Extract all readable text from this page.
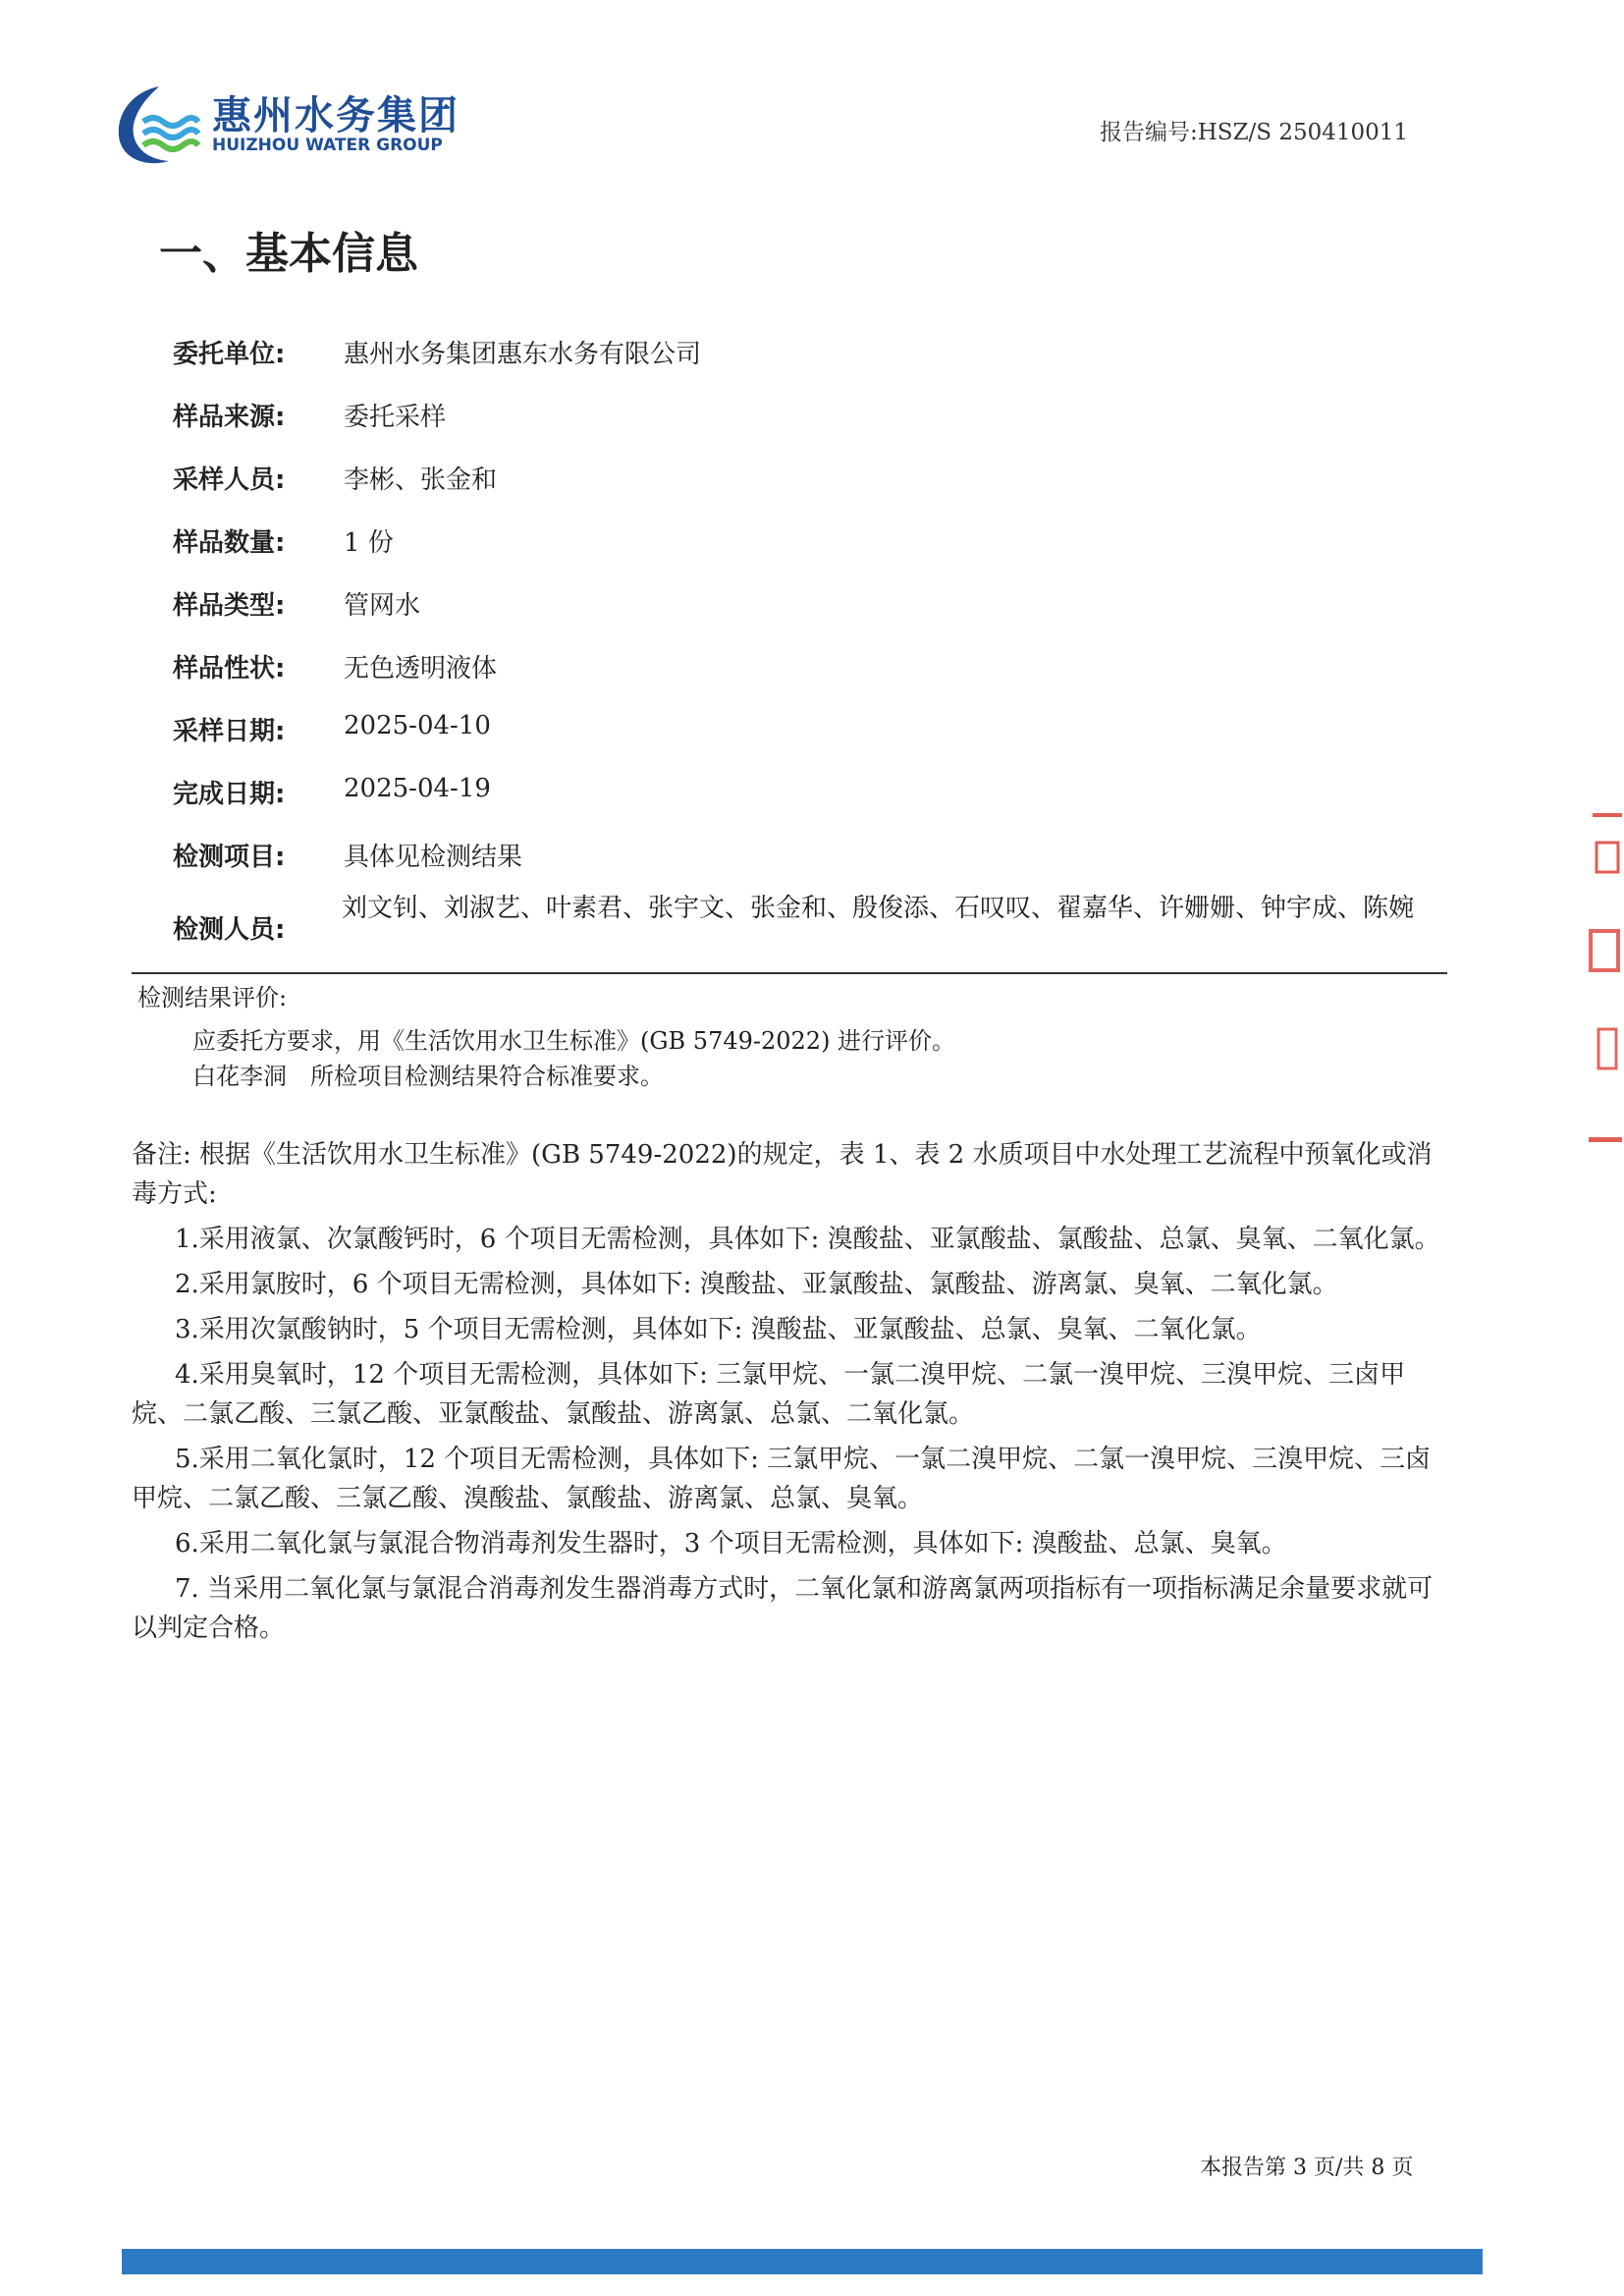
惠州水务集团
HUIZHOU WATER GROUP	报告编号:HSZ/S 250410011
一、基本信息
委托单位:	惠州水务集团惠东水务有限公司
样品来源:	委托采样
采样人员:	李彬、张金和
样品数量:	1 份
样品类型:	管网水
样品性状:	无色透明液体
采样日期:	2025-04-10
完成日期:	2025-04-19
检测项目:	具体见检测结果
检测人员:
刘文钊、刘淑艺、叶素君、张宇文、张金和、殷俊添、石叹叹、翟嘉华、许姗姗、钟宇成、陈婉
检测结果评价:
应委托方要求，用《生活饮用水卫生标准》(GB 5749-2022) 进行评价。
白花李洞　所检项目检测结果符合标准要求。

备注: 根据《生活饮用水卫生标准》(GB 5749-2022)的规定，表 1、表 2 水质项目中水处理工艺流程中预氧化或消毒方式:

1.采用液氯、次氯酸钙时，6 个项目无需检测，具体如下: 溴酸盐、亚氯酸盐、氯酸盐、总氯、臭氧、二氧化氯。

2.采用氯胺时，6 个项目无需检测，具体如下: 溴酸盐、亚氯酸盐、氯酸盐、游离氯、臭氧、二氧化氯。

3.采用次氯酸钠时，5 个项目无需检测，具体如下: 溴酸盐、亚氯酸盐、总氯、臭氧、二氧化氯。

4.采用臭氧时，12 个项目无需检测，具体如下: 三氯甲烷、一氯二溴甲烷、二氯一溴甲烷、三溴甲烷、三卤甲烷、二氯乙酸、三氯乙酸、亚氯酸盐、氯酸盐、游离氯、总氯、二氧化氯。

5.采用二氧化氯时，12 个项目无需检测，具体如下: 三氯甲烷、一氯二溴甲烷、二氯一溴甲烷、三溴甲烷、三卤甲烷、二氯乙酸、三氯乙酸、溴酸盐、氯酸盐、游离氯、总氯、臭氧。

6.采用二氧化氯与氯混合物消毒剂发生器时，3 个项目无需检测，具体如下: 溴酸盐、总氯、臭氧。

7. 当采用二氧化氯与氯混合消毒剂发生器消毒方式时，二氧化氯和游离氯两项指标有一项指标满足余量要求就可以判定合格。

本报告第 3 页/共 8 页
